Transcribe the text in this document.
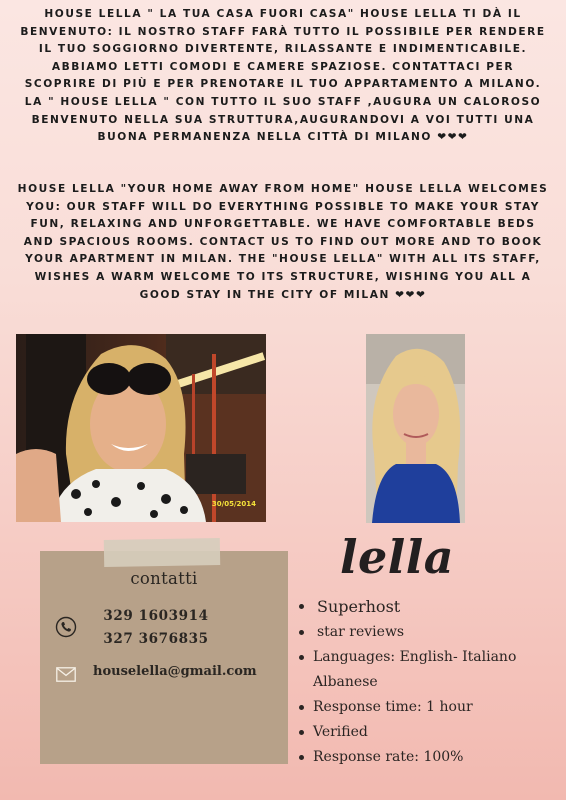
HOUSE LELLA " LA TUA CASA FUORI CASA" HOUSE LELLA TI DÀ IL BENVENUTO: IL NOSTRO STAFF FARÀ TUTTO IL POSSIBILE PER RENDERE IL TUO SOGGIORNO DIVERTENTE, RILASSANTE E INDIMENTICABILE. ABBIAMO LETTI COMODI E CAMERE SPAZIOSE. CONTATTACI PER SCOPRIRE DI PIÙ E PER PRENOTARE IL TUO APPARTAMENTO A MILANO. LA " HOUSE LELLA " CON TUTTO IL SUO STAFF ,AUGURA UN CALOROSO BENVENUTO NELLA SUA STRUTTURA,AUGURANDOVI A VOI TUTTI UNA BUONA PERMANENZA NELLA CITTÀ DI MILANO ❤❤❤

HOUSE LELLA "YOUR HOME AWAY FROM HOME" HOUSE LELLA WELCOMES YOU: OUR STAFF WILL DO EVERYTHING POSSIBLE TO MAKE YOUR STAY FUN, RELAXING AND UNFORGETTABLE. WE HAVE COMFORTABLE BEDS AND SPACIOUS ROOMS. CONTACT US TO FIND OUT MORE AND TO BOOK YOUR APARTMENT IN MILAN. THE "HOUSE LELLA" WITH ALL ITS STAFF, WISHES A WARM WELCOME TO ITS STRUCTURE, WISHING YOU ALL A GOOD STAY IN THE CITY OF MILAN ❤❤❤

30/05/2014
contatti
329 1603914
327 3676835
houselella@gmail.com
lella
Superhost
star reviews
Languages: English- Italiano Albanese
Response time: 1 hour
Verified
Response rate: 100%
